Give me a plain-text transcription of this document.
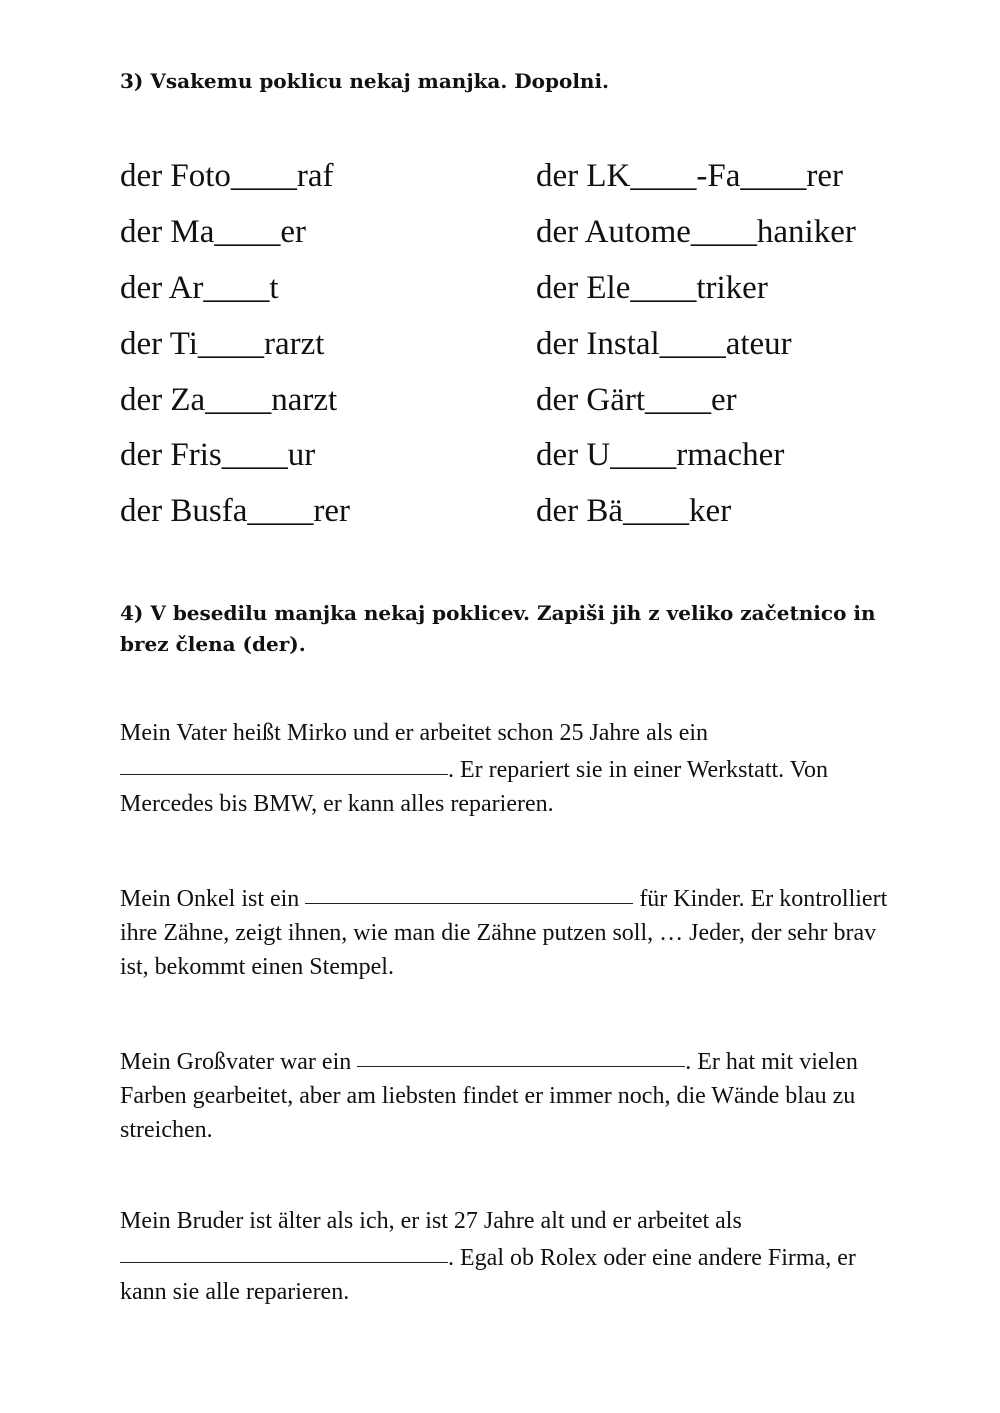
3) Vsakemu poklicu nekaj manjka. Dopolni.

der Foto____raf
der Ma____er
der Ar____t
der Ti____rarzt
der Za____narzt
der Fris____ur
der Busfa____rer
der LK____-Fa____rer
der Autome____haniker
der Ele____triker
der Instal____ateur
der Gärt____er
der U____rmacher
der Bä____ker

4) V besedilu manjka nekaj poklicev. Zapiši jih z veliko začetnico in brez člena (der).

Mein Vater heißt Mirko und er arbeitet schon 25 Jahre als ein
. Er repariert sie in einer Werkstatt. Von Mercedes bis BMW, er kann alles reparieren.

Mein Onkel ist ein	für Kinder. Er kontrolliert ihre Zähne, zeigt ihnen, wie man die Zähne putzen soll, … Jeder, der sehr brav ist, bekommt einen Stempel.

Mein Großvater war ein	. Er hat mit vielen Farben gearbeitet, aber am liebsten findet er immer noch, die Wände blau zu streichen.

Mein Bruder ist älter als ich, er ist 27 Jahre alt und er arbeitet als
. Egal ob Rolex oder eine andere Firma, er kann sie alle reparieren.
